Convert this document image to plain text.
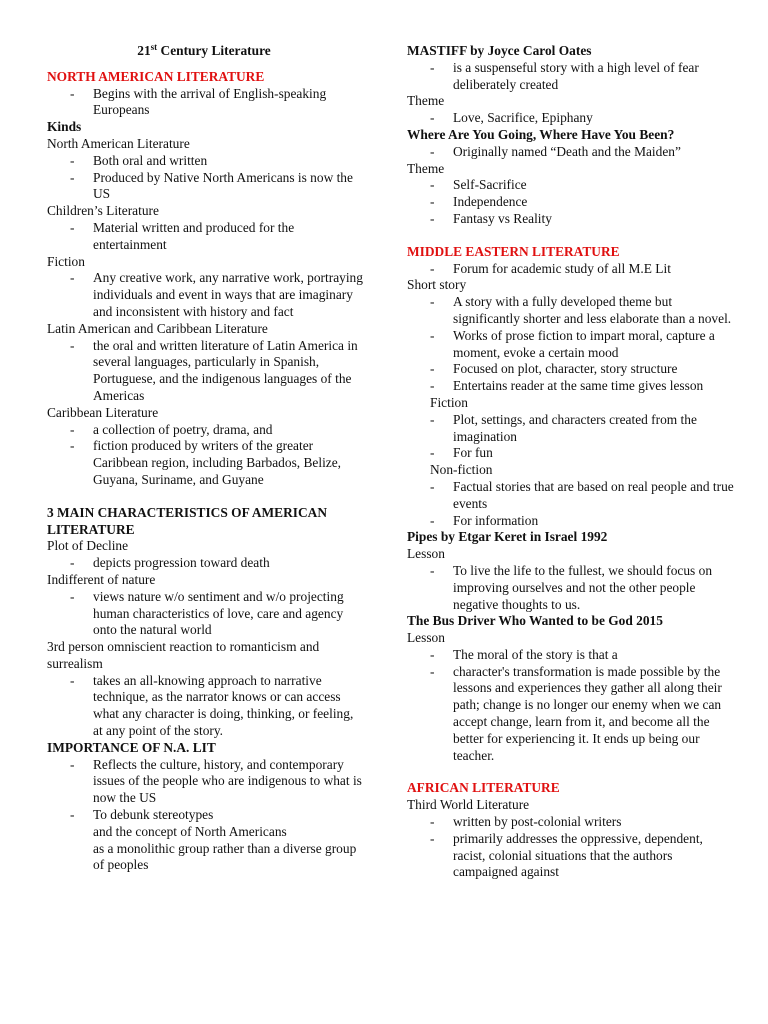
21st Century Literature
NORTH AMERICAN LITERATURE
- Begins with the arrival of English-speaking Europeans
Kinds
North American Literature
- Both oral and written
- Produced by Native North Americans is now the US
Children’s Literature
- Material written and produced for the entertainment
Fiction
- Any creative work, any narrative work, portraying individuals and event in ways that are imaginary and inconsistent with history and fact
Latin American and Caribbean Literature
- the oral and written literature of Latin America in several languages, particularly in Spanish, Portuguese, and the indigenous languages of the Americas
Caribbean Literature
- a collection of poetry, drama, and
- fiction produced by writers of the greater Caribbean region, including Barbados, Belize, Guyana, Suriname, and Guyane
3 MAIN CHARACTERISTICS OF AMERICAN LITERATURE
Plot of Decline
- depicts progression toward death
Indifferent of nature
- views nature w/o sentiment and w/o projecting human characteristics of love, care and agency onto the natural world
3rd person omniscient reaction to romanticism and surrealism
- takes an all-knowing approach to narrative technique, as the narrator knows or can access what any character is doing, thinking, or feeling, at any point of the story.
IMPORTANCE OF N.A. LIT
- Reflects the culture, history, and contemporary issues of the people who are indigenous to what is now the US
- To debunk stereotypes
and the concept of North Americans
as a monolithic group rather than a diverse group of peoples
MASTIFF by Joyce Carol Oates
- is a suspenseful story with a high level of fear deliberately created
Theme
- Love, Sacrifice, Epiphany
Where Are You Going, Where Have You Been?
- Originally named “Death and the Maiden”
Theme
- Self-Sacrifice
- Independence
- Fantasy vs Reality
MIDDLE EASTERN LITERATURE
- Forum for academic study of all M.E Lit
Short story
- A story with a fully developed theme but significantly shorter and less elaborate than a novel.
- Works of prose fiction to impart moral, capture a moment, evoke a certain mood
- Focused on plot, character, story structure
- Entertains reader at the same time gives lesson
Fiction
- Plot, settings, and characters created from the imagination
- For fun
Non-fiction
- Factual stories that are based on real people and true events
- For information
Pipes by Etgar Keret in Israel 1992
Lesson
- To live the life to the fullest, we should focus on improving ourselves and not the other people negative thoughts to us.
The Bus Driver Who Wanted to be God 2015
Lesson
- The moral of the story is that a
- character's transformation is made possible by the lessons and experiences they gather all along their path; change is no longer our enemy when we can accept change, learn from it, and become all the better for experiencing it. It ends up being our teacher.
AFRICAN LITERATURE
Third World Literature
- written by post-colonial writers
- primarily addresses the oppressive, dependent, racist, colonial situations that the authors campaigned against
